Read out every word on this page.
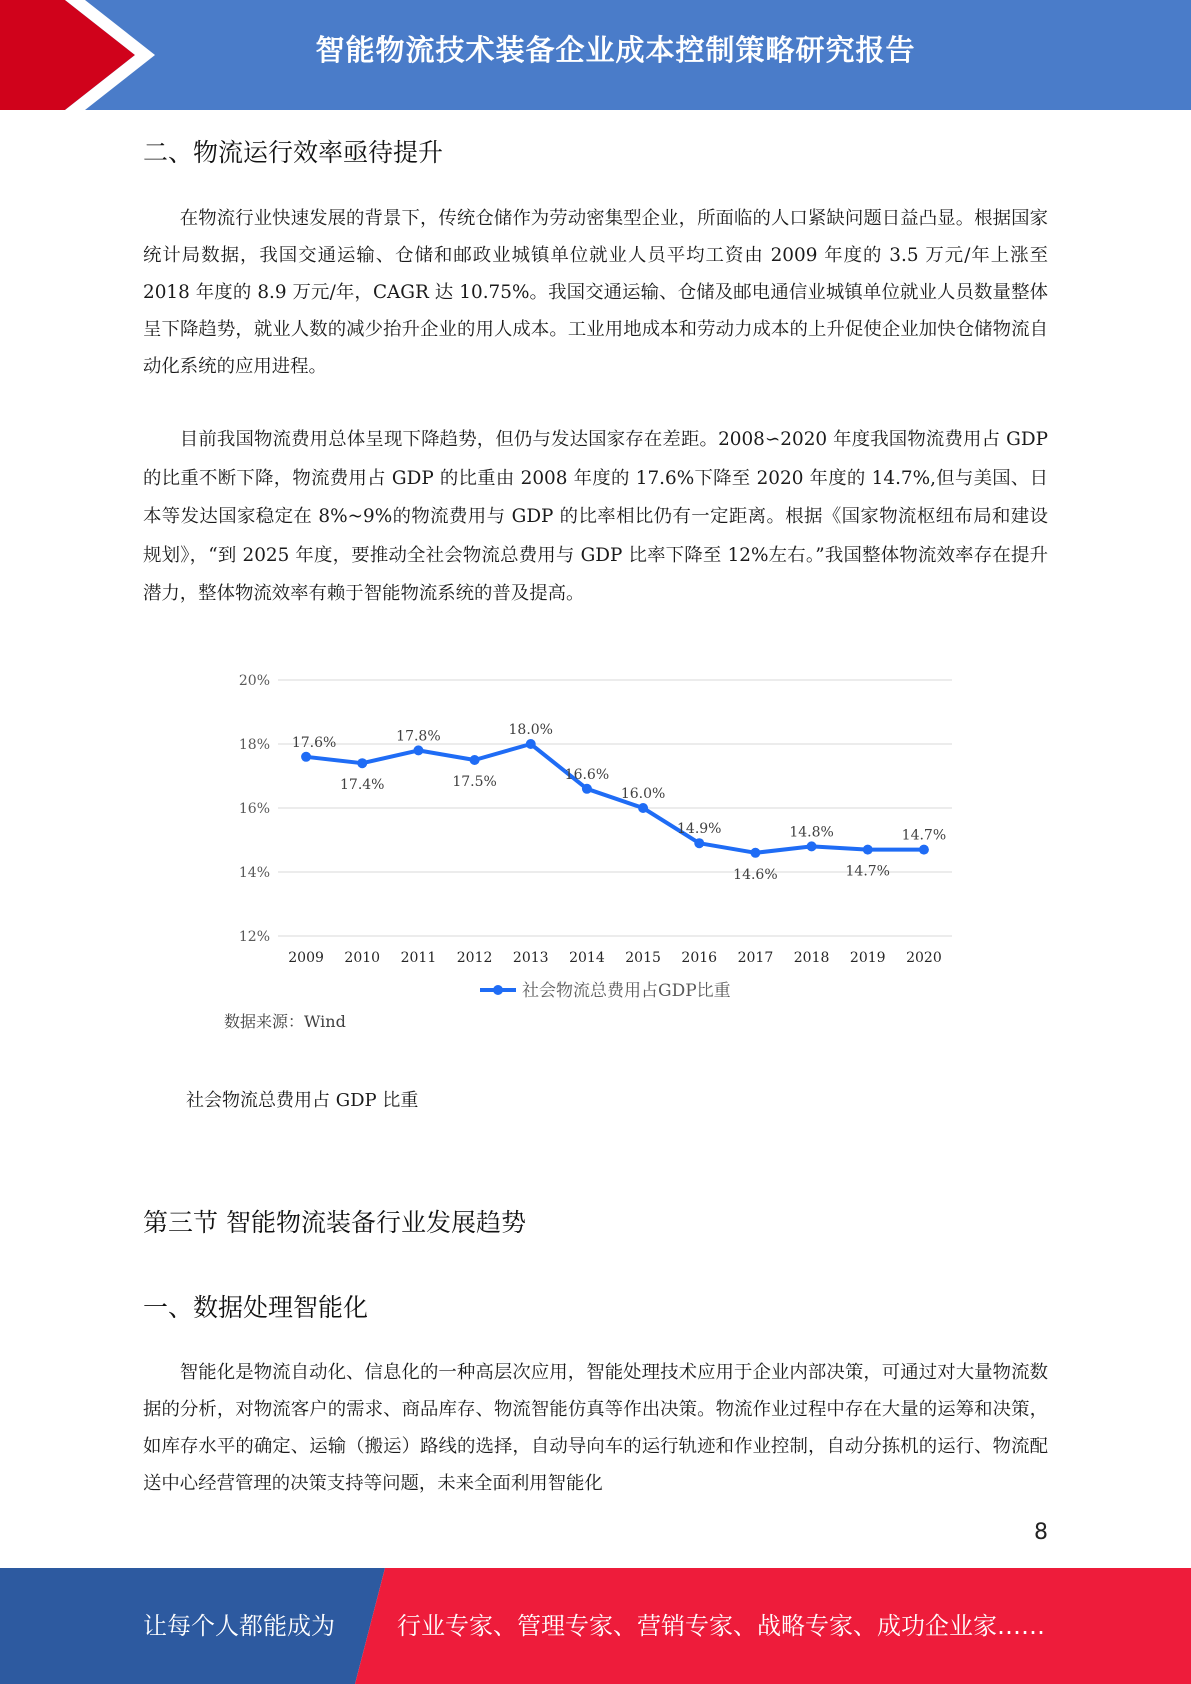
智能物流技术装备企业成本控制策略研究报告
二、物流运行效率亟待提升

在物流行业快速发展的背景下，传统仓储作为劳动密集型企业，所面临的人口紧缺问题日益凸显。根据国家统计局数据，我国交通运输、仓储和邮政业城镇单位就业人员平均工资由 2009 年度的 3.5 万元/年上涨至 2018 年度的 8.9 万元/年，CAGR 达 10.75%。我国交通运输、仓储及邮电通信业城镇单位就业人员数量整体呈下降趋势，就业人数的减少抬升企业的用人成本。工业用地成本和劳动力成本的上升促使企业加快仓储物流自动化系统的应用进程。

目前我国物流费用总体呈现下降趋势，但仍与发达国家存在差距。2008∽2020 年度我国物流费用占 GDP 的比重不断下降，物流费用占 GDP 的比重由 2008 年度的 17.6%下降至 2020 年度的 14.7%,但与美国、日本等发达国家稳定在 8%~9%的物流费用与 GDP 的比率相比仍有一定距离。根据《国家物流枢纽布局和建设规划》，“到 2025 年度，要推动全社会物流总费用与 GDP 比率下降至 12%左右。”我国整体物流效率存在提升潜力，整体物流效率有赖于智能物流系统的普及提高。

12%
14%
16%
18%
20%
2009 2010 2011 2012 2013 2014 2015 2016 2017 2018 2019 2020
17.6%
17.4%
17.8%
17.5%
18.0%
16.6%
16.0%
14.9%
14.6%
14.8%
14.7%
14.7%
社会物流总费用占GDP比重
数据来源：Wind
社会物流总费用占 GDP 比重
第三节 智能物流装备行业发展趋势
一、数据处理智能化

智能化是物流自动化、信息化的一种高层次应用，智能处理技术应用于企业内部决策，可通过对大量物流数据的分析，对物流客户的需求、商品库存、物流智能仿真等作出决策。物流作业过程中存在大量的运筹和决策，如库存水平的确定、运输（搬运）路线的选择，自动导向车的运行轨迹和作业控制，自动分拣机的运行、物流配送中心经营管理的决策支持等问题，未来全面利用智能化

8
让每个人都能成为	行业专家、管理专家、营销专家、战略专家、成功企业家……
